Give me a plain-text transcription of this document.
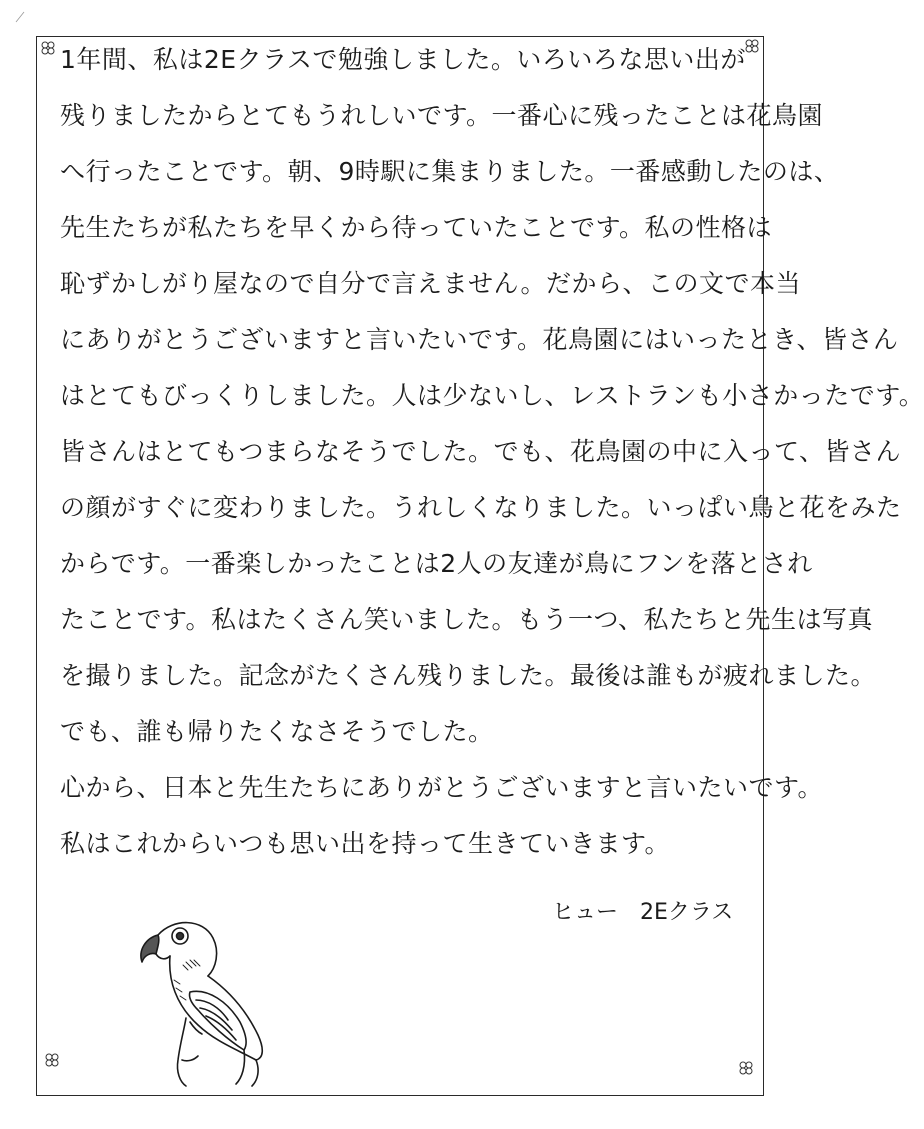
1年間、私は2Eクラスで勉強しました。いろいろな思い出が
残りましたからとてもうれしいです。一番心に残ったことは花鳥園
へ行ったことです。朝、9時駅に集まりました。一番感動したのは、
先生たちが私たちを早くから待っていたことです。私の性格は
恥ずかしがり屋なので自分で言えません。だから、この文で本当
にありがとうございますと言いたいです。花鳥園にはいったとき、皆さん
はとてもびっくりしました。人は少ないし、レストランも小さかったです。
皆さんはとてもつまらなそうでした。でも、花鳥園の中に入って、皆さん
の顔がすぐに変わりました。うれしくなりました。いっぱい鳥と花をみた
からです。一番楽しかったことは2人の友達が鳥にフンを落とされ
たことです。私はたくさん笑いました。もう一つ、私たちと先生は写真
を撮りました。記念がたくさん残りました。最後は誰もが疲れました。
でも、誰も帰りたくなさそうでした。
心から、日本と先生たちにありがとうございますと言いたいです。
私はこれからいつも思い出を持って生きていきます。
ヒュー　2Eクラス
